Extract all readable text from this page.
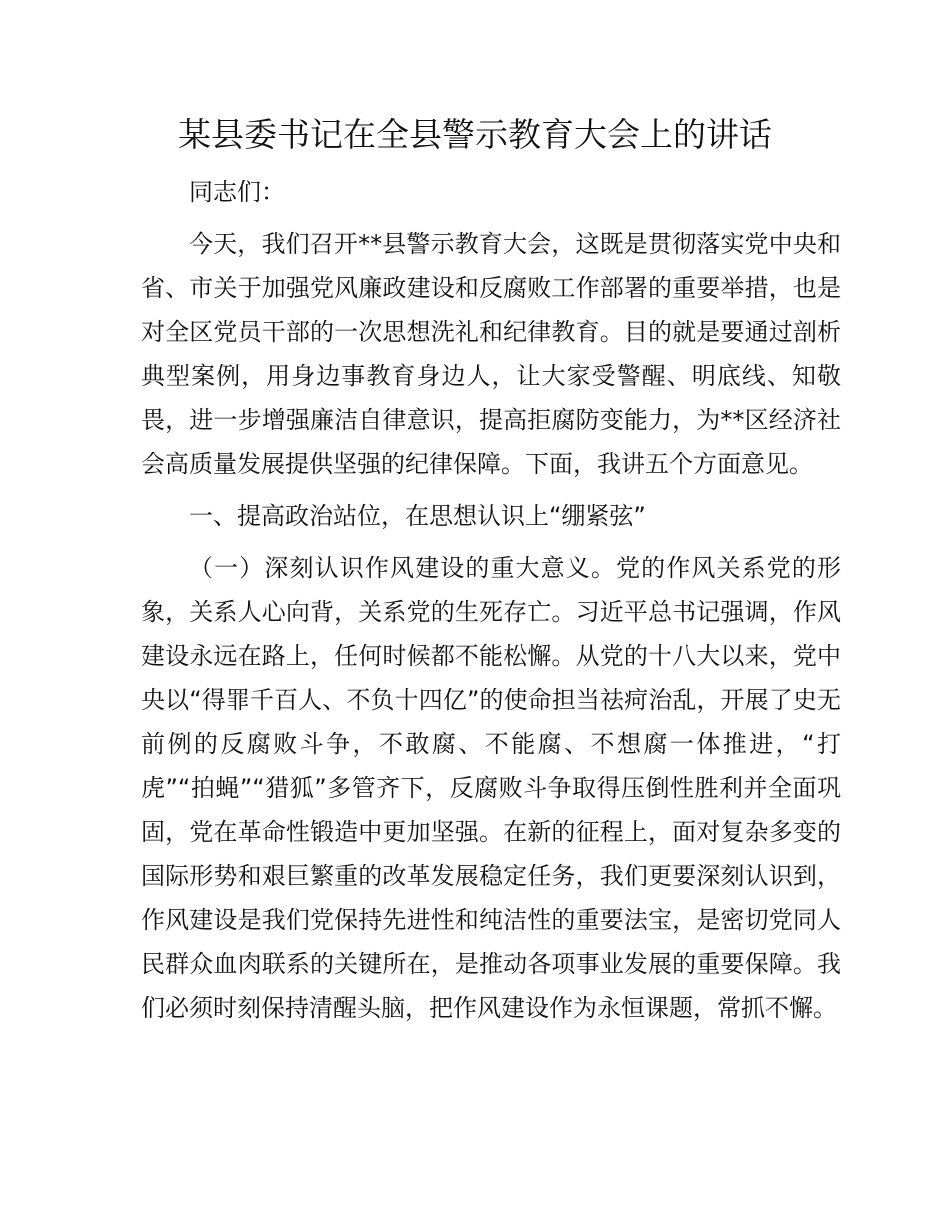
某县委书记在全县警示教育大会上的讲话

同志们：

今天，我们召开**县警示教育大会，这既是贯彻落实党中央和省、市关于加强党风廉政建设和反腐败工作部署的重要举措，也是对全区党员干部的一次思想洗礼和纪律教育。目的就是要通过剖析典型案例，用身边事教育身边人，让大家受警醒、明底线、知敬畏，进一步增强廉洁自律意识，提高拒腐防变能力，为**区经济社会高质量发展提供坚强的纪律保障。下面，我讲五个方面意见。

一、提高政治站位，在思想认识上“绷紧弦”

（一）深刻认识作风建设的重大意义。党的作风关系党的形象，关系人心向背，关系党的生死存亡。习近平总书记强调，作风建设永远在路上，任何时候都不能松懈。从党的十八大以来，党中央以“得罪千百人、不负十四亿”的使命担当祛疴治乱，开展了史无前例的反腐败斗争，不敢腐、不能腐、不想腐一体推进，“打虎”“拍蝇”“猎狐”多管齐下，反腐败斗争取得压倒性胜利并全面巩固，党在革命性锻造中更加坚强。在新的征程上，面对复杂多变的国际形势和艰巨繁重的改革发展稳定任务，我们更要深刻认识到，作风建设是我们党保持先进性和纯洁性的重要法宝，是密切党同人民群众血肉联系的关键所在，是推动各项事业发展的重要保障。我们必须时刻保持清醒头脑，把作风建设作为永恒课题，常抓不懈。
